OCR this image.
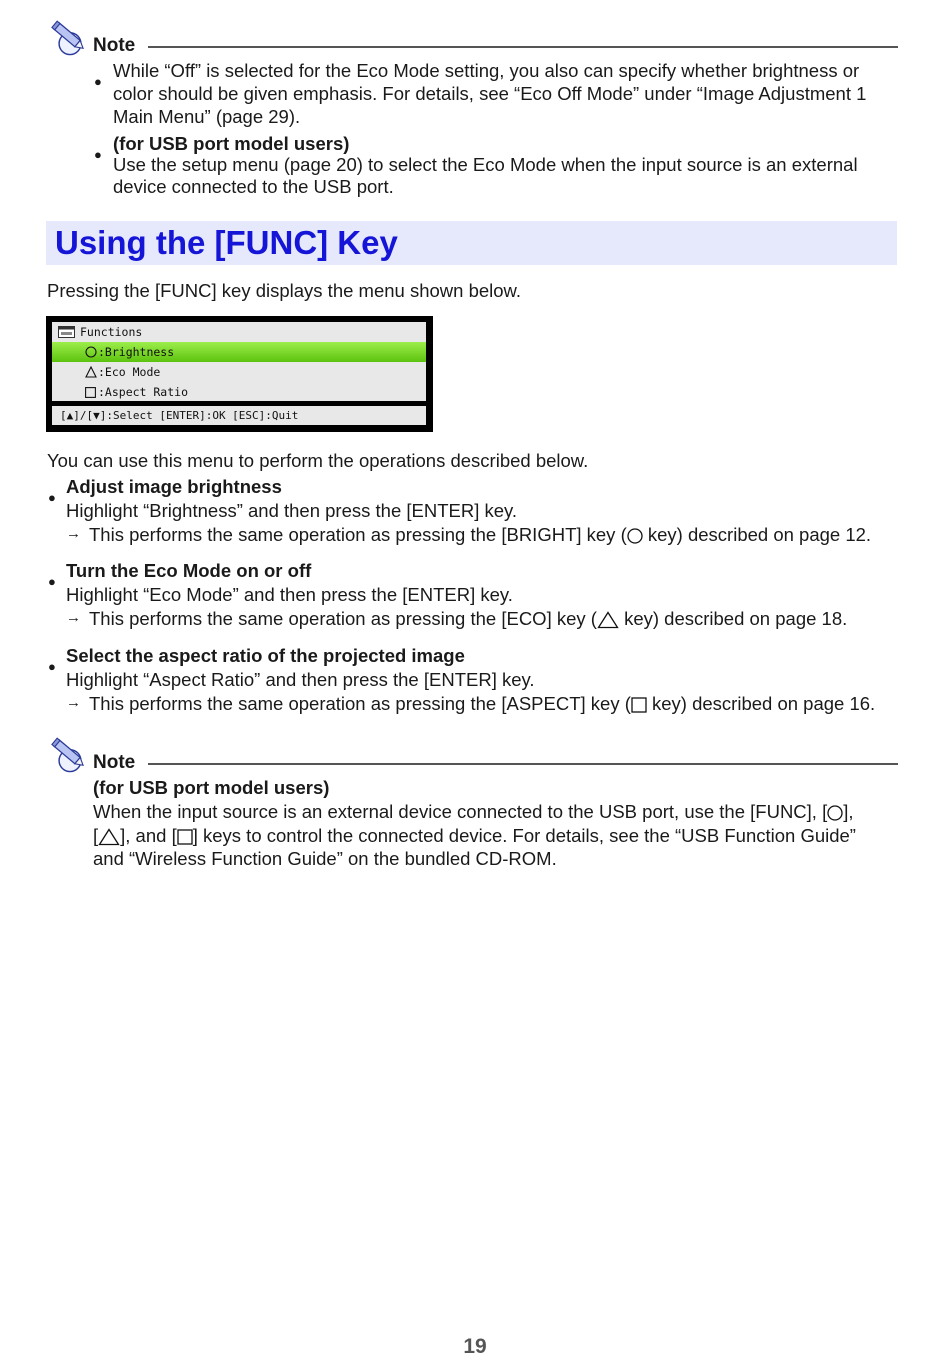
Note
●
While “Off” is selected for the Eco Mode setting, you also can specify whether brightness or
color should be given emphasis. For details, see “Eco Off Mode” under “Image Adjustment 1
Main Menu” (page 29).
●
(for USB port model users)
Use the setup menu (page 20) to select the Eco Mode when the input source is an external
device connected to the USB port.
Using the [FUNC] Key
Pressing the [FUNC] key displays the menu shown below.
Functions
:Brightness
:Eco Mode
:Aspect Ratio
[▲]/[▼]:Select [ENTER]:OK [ESC]:Quit
You can use this menu to perform the operations described below.
●
Adjust image brightness
Highlight “Brightness” and then press the [ENTER] key.
→ This performs the same operation as pressing the [BRIGHT] key ( key) described on page 12.
●
Turn the Eco Mode on or off
Highlight “Eco Mode” and then press the [ENTER] key.
→ This performs the same operation as pressing the [ECO] key ( key) described on page 18.
●
Select the aspect ratio of the projected image
Highlight “Aspect Ratio” and then press the [ENTER] key.
→ This performs the same operation as pressing the [ASPECT] key ( key) described on page 16.
Note
(for USB port model users)
When the input source is an external device connected to the USB port, use the [FUNC], [ ],
[ ], and [ ] keys to control the connected device. For details, see the “USB Function Guide”
and “Wireless Function Guide” on the bundled CD-ROM.
19
